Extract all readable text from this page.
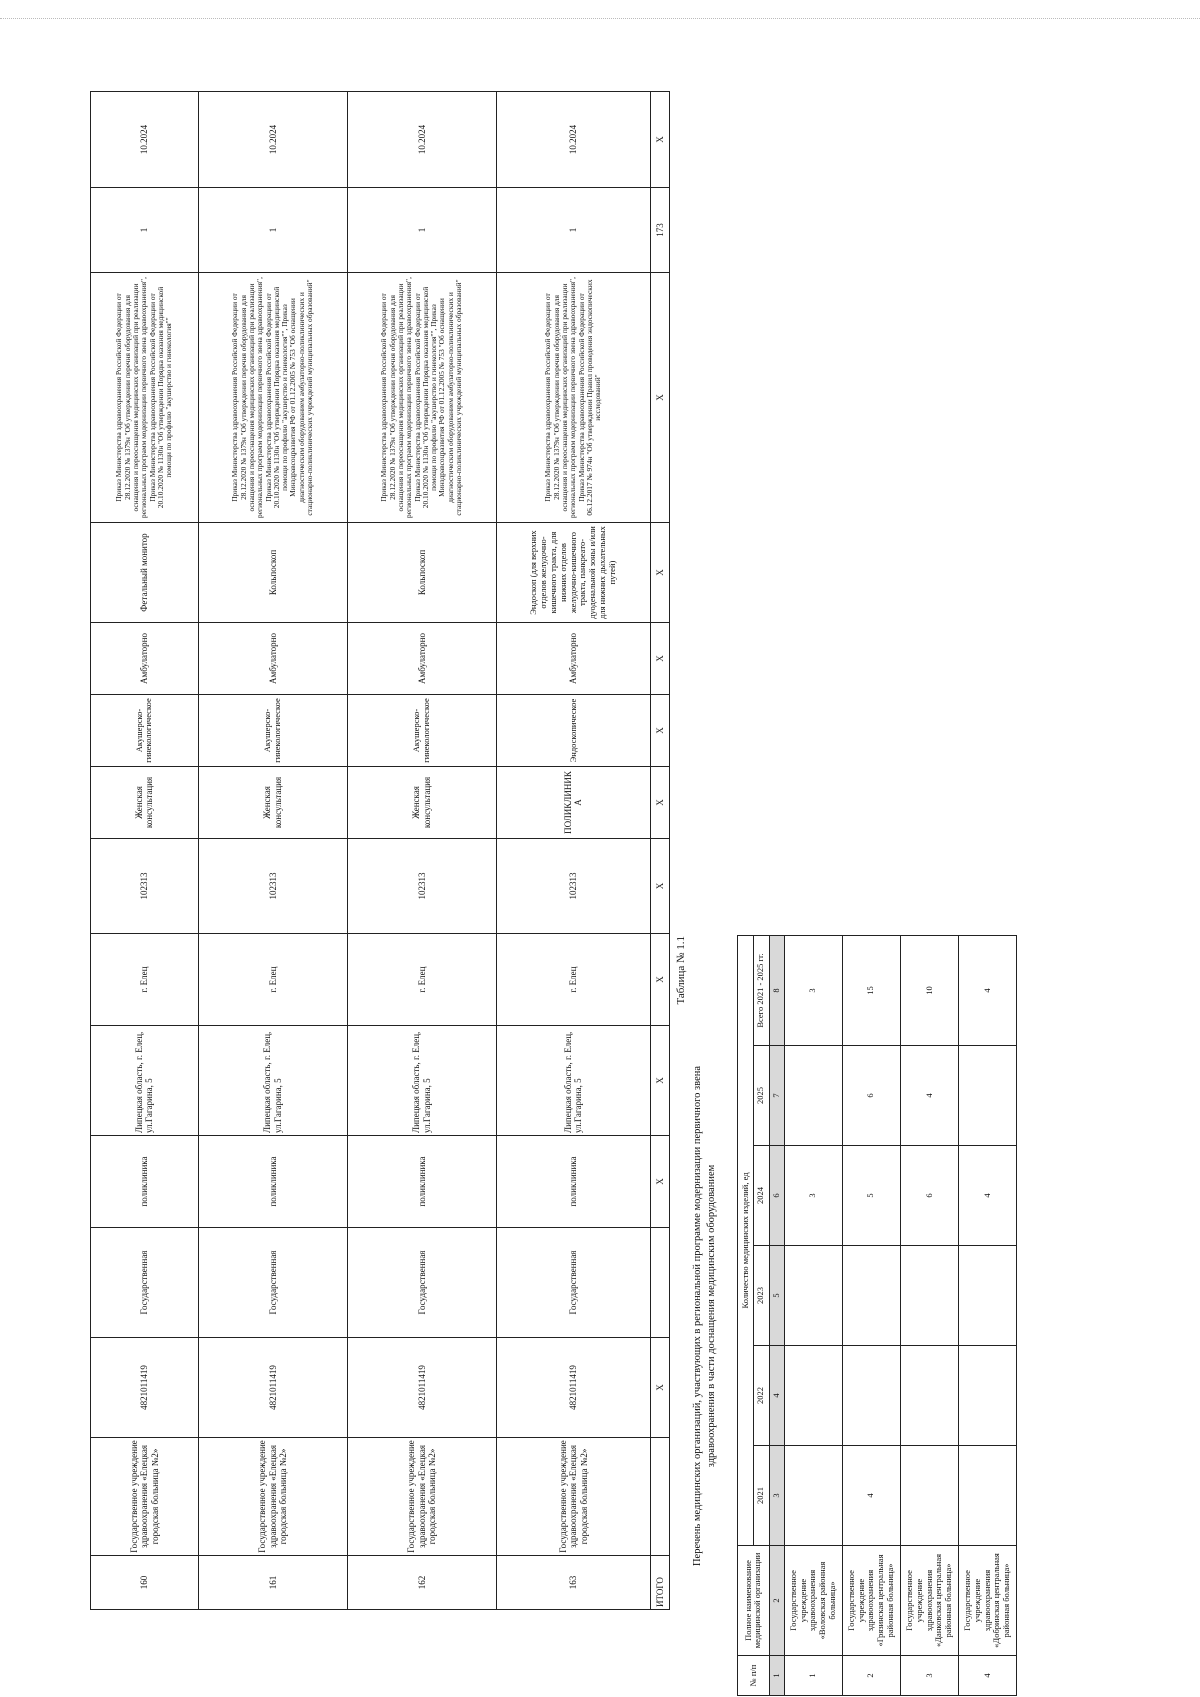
160	Государственное учреждение здравоохранения «Елецкая городская больница №2»	4821011419	Государственная	поликлиника	Липецкая область, г. Елец, ул.Гагарина, 5	г. Елец	102313	Женская консультация	Акушерско-гинекологическое	Амбулаторно	Фетальный монитор	Приказ Министерства здравоохранения Российской Федерации от 28.12.2020 № 1379н "Об утверждении перечня оборудования для оснащения и переоснащения медицинских организаций при реализации региональных программ модернизации первичного звена здравоохранения", Приказ Министерства здравоохранения Российской Федерации от 20.10.2020 № 1130н "Об утверждении Порядка оказания медицинской помощи по профилю "акушерство и гинекология""	1	10.2024
161	Государственное учреждение здравоохранения «Елецкая городская больница №2»	4821011419	Государственная	поликлиника	Липецкая область, г. Елец, ул.Гагарина, 5	г. Елец	102313	Женская консультация	Акушерско-гинекологическое	Амбулаторно	Кольпоскоп	Приказ Министерства здравоохранения Российской Федерации от 28.12.2020 № 1379н "Об утверждении перечня оборудования для оснащения и переоснащения медицинских организаций при реализации региональных программ модернизации первичного звена здравоохранения", Приказ Министерства здравоохранения Российской Федерации от 20.10.2020 № 1130н "Об утверждении Порядка оказания медицинской помощи по профилю "акушерство и гинекология"", Приказ Минздравсоцразвития РФ от 01.12.2005 № 753 "Об оснащении диагностическим оборудованием амбулаторно-поликлинических и стационарно-поликлинических учреждений муниципальных образований"	1	10.2024
162	Государственное учреждение здравоохранения «Елецкая городская больница №2»	4821011419	Государственная	поликлиника	Липецкая область, г. Елец, ул.Гагарина, 5	г. Елец	102313	Женская консультация	Акушерско-гинекологическое	Амбулаторно	Кольпоскоп	Приказ Министерства здравоохранения Российской Федерации от 28.12.2020 № 1379н "Об утверждении перечня оборудования для оснащения и переоснащения медицинских организаций при реализации региональных программ модернизации первичного звена здравоохранения", Приказ Министерства здравоохранения Российской Федерации от 20.10.2020 № 1130н "Об утверждении Порядка оказания медицинской помощи по профилю "акушерство и гинекология"", Приказ Минздравсоцразвития РФ от 01.12.2005 № 753 "Об оснащении диагностическим оборудованием амбулаторно-поликлинических и стационарно-поликлинических учреждений муниципальных образований"	1	10.2024
163	Государственное учреждение здравоохранения «Елецкая городская больница №2»	4821011419	Государственная	поликлиника	Липецкая область, г. Елец, ул.Гагарина, 5	г. Елец	102313	ПОЛИКЛИНИКА	Эндоскопическое	Амбулаторно	Эндоскоп (для верхних отделов желудочно-кишечного тракта, для нижних отделов желудочно-кишечного тракта, панкреато-дуоденальной зоны и/или для нижних дыхательных путей)	Приказ Министерства здравоохранения Российской Федерации от 28.12.2020 № 1379н "Об утверждении перечня оборудования для оснащения и переоснащения медицинских организаций при реализации региональных программ модернизации первичного звена здравоохранения", Приказ Министерства здравоохранения Российской Федерации от 06.12.2017 № 974н "Об утверждении Правил проведения эндоскопических исследований"	1	10.2024
ИТОГО		X		X	X	X	X	X	X	X	X	X	173	X
Таблица № 1.1
Перечень медицинских организаций, участвующих в региональной программе модернизации первичного звена здравоохранения в части доснащения медицинским оборудованием
№ п/п	Полное наименование медицинской организации	Количество медицинских изделий, ед					
		2021	2022	2023	2024	2025	Всего 2021 - 2025 гг.
1	2	3	4	5	6	7	8
1	Государственное учреждение здравоохранения «Воловская районная больница»				3		3
2	Государственное учреждение здравоохранения «Грязинская центральная районная больница»	4			5	6	15
3	Государственное учреждение здравоохранения «Данковская центральная районная больница»				6	4	10
4	Государственное учреждение здравоохранения «Добринская центральная районная больница»				4		4
